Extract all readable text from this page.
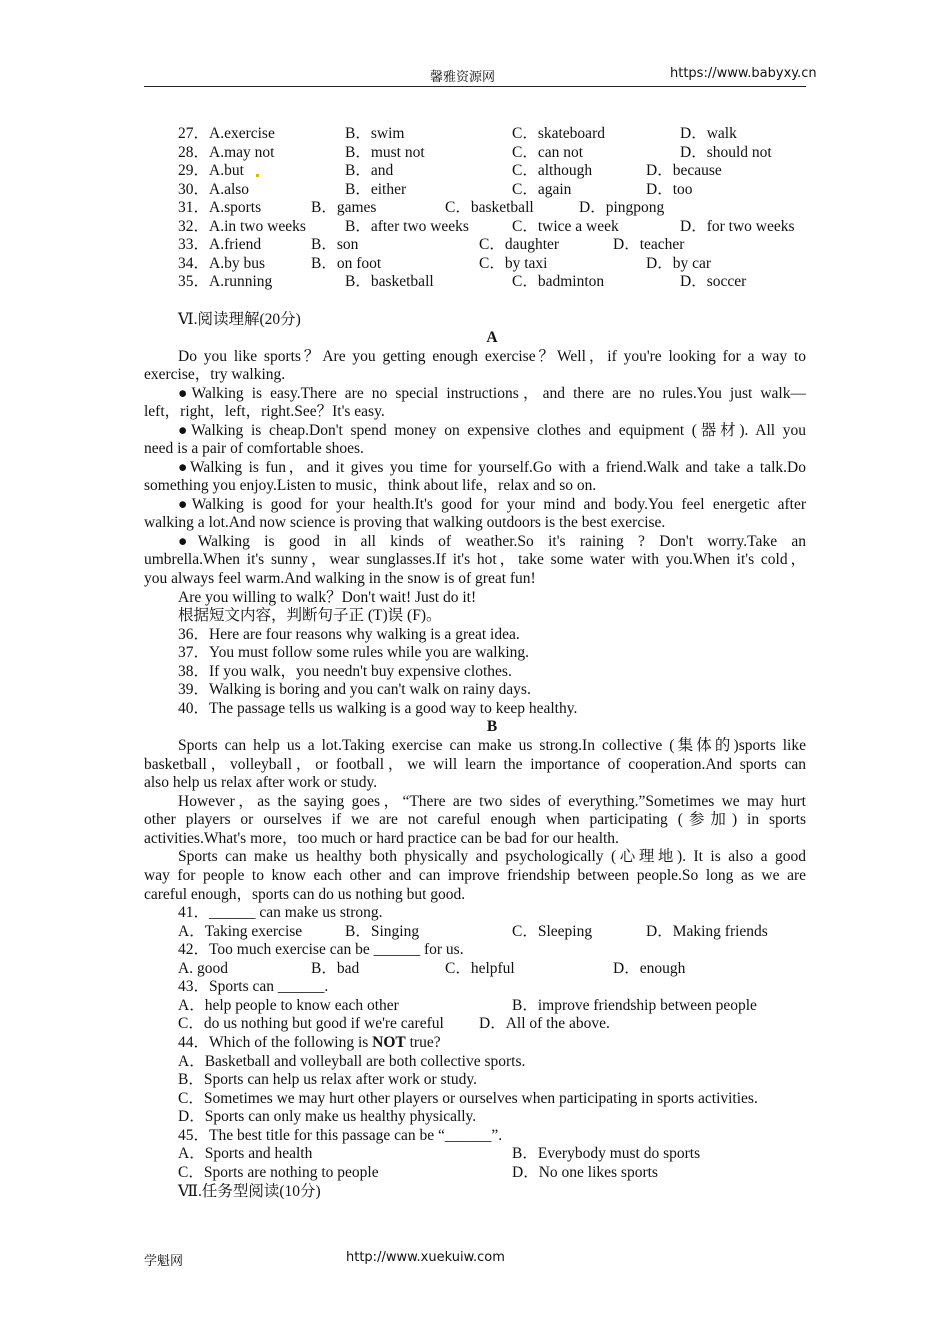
馨雅资源网	https://www.babyxy.cn
27．A.exercise	B．swim	C．skateboard	D．walk
28．A.may not	B．must not	C．can not	D．should not
29．A.but	B．and	C．although	D．because
30．A.also	B．either	C．again	D．too
31．A.sports	B．games	C．basketball	D．pingpong
32．A.in two weeks	B．after two weeks	C．twice a week	D．for two weeks
33．A.friend	B．son	C．daughter	D．teacher
34．A.by bus	B．on foot	C．by taxi	D．by car
35．A.running	B．basketball	C．badminton	D．soccer
Ⅵ.阅读理解(20分)
A
Do you like sports？Are you getting enough exercise？Well，if you're looking for a way to
exercise，try walking.
●Walking is easy.There are no special instructions，and there are no rules.You just walk—
left，right，left，right.See？It's easy.
●Walking is cheap.Don't spend money on expensive clothes and equipment (器材). All you
need is a pair of comfortable shoes.
●Walking is fun，and it gives you time for yourself.Go with a friend.Walk and take a talk.Do
something you enjoy.Listen to music，think about life，relax and so on.
●Walking is good for your health.It's good for your mind and body.You feel energetic after
walking a lot.And now science is proving that walking outdoors is the best exercise.
●Walking is good in all kinds of weather.So it's raining ? Don't worry.Take an
umbrella.When it's sunny，wear sunglasses.If it's hot，take some water with you.When it's cold，
you always feel warm.And walking in the snow is of great fun!
Are you willing to walk？Don't wait! Just do it!
根据短文内容，判断句子正 (T)误 (F)。
36．Here are four reasons why walking is a great idea.
37．You must follow some rules while you are walking.
38．If you walk，you needn't buy expensive clothes.
39．Walking is boring and you can't walk on rainy days.
40．The passage tells us walking is a good way to keep healthy.
B
Sports can help us a lot.Taking exercise can make us strong.In collective (集体的)sports like
basketball，volleyball，or football，we will learn the importance of cooperation.And sports can
also help us relax after work or study.
However，as the saying goes，“There are two sides of everything.”Sometimes we may hurt
other players or ourselves if we are not careful enough when participating (参加) in sports
activities.What's more，too much or hard practice can be bad for our health.
Sports can make us healthy both physically and psychologically (心理地). It is also a good
way for people to know each other and can improve friendship between people.So long as we are
careful enough，sports can do us nothing but good.
41．______ can make us strong.
A．Taking exercise	B．Singing	C．Sleeping	D．Making friends
42．Too much exercise can be ______ for us.
A. good	B．bad	C．helpful	D．enough
43．Sports can ______.
A．help people to know each other	B．improve friendship between people
C．do us nothing but good if we're careful D．All of the above.
44．Which of the following is NOT true?
A．Basketball and volleyball are both collective sports.
B．Sports can help us relax after work or study.
C．Sometimes we may hurt other players or ourselves when participating in sports activities.
D．Sports can only make us healthy physically.
45．The best title for this passage can be “______”.
A．Sports and health	B．Everybody must do sports
C．Sports are nothing to people	D．No one likes sports
Ⅶ.任务型阅读(10分)
学魁网	http://www.xuekuiw.com
